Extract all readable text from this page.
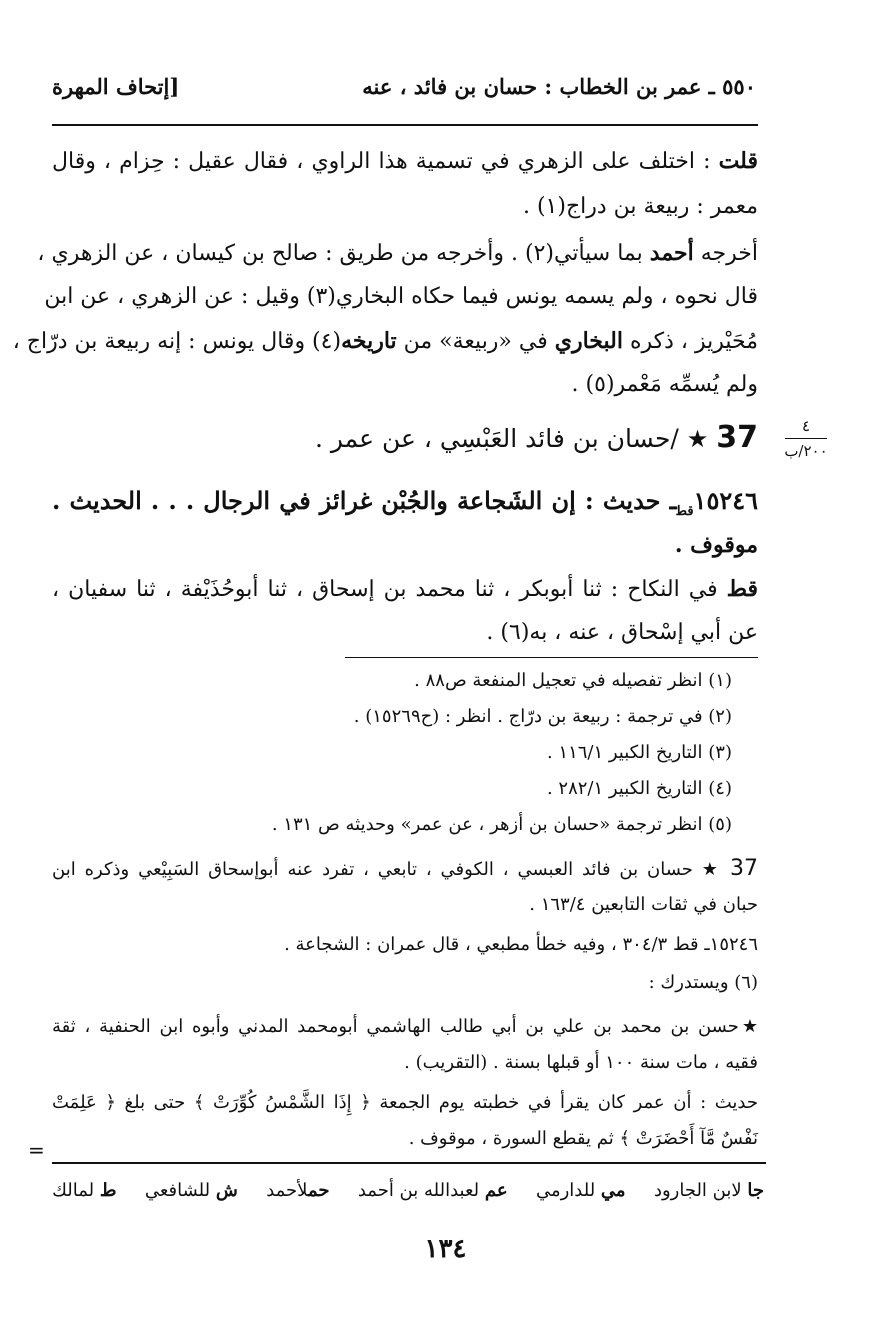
٥٥٠ ـ عمر بن الخطاب : حسان بن فائد ، عنه
[إتحاف المهرة
قلت : اختلف على الزهري في تسمية هذا الراوي ، فقال عقيل : حِزام ، وقال
معمر : ربيعة بن دراج(١) .
أخرجه أحمد بما سيأتي(٢) . وأخرجه من طريق : صالح بن كيسان ، عن الزهري ،
قال نحوه ، ولم يسمه يونس فيما حكاه البخاري(٣) وقيل : عن الزهري ، عن ابن
مُحَيْريز ، ذكره البخاري في «ربيعة» من تاريخه(٤) وقال يونس : إنه ربيعة بن درّاج ،
ولم يُسمِّه مَعْمر(٥) .
37 ★ /حسان بن فائد العَبْسِي ، عن عمر .	٤
٢٠٠/ب
$١٥٢٤٦_{قط}ـ$ حديث : إن الشَجاعة والجُبْن غرائز في الرجال . . . الحديث .
موقوف .
قط في النكاح : ثنا أبوبكر ، ثنا محمد بن إسحاق ، ثنا أبوحُذَيْفة ، ثنا سفيان ،
عن أبي إسْحاق ، عنه ، به(٦) .
(١) انظر تفصيله في تعجيل المنفعة ص٨٨ .
(٢) في ترجمة : ربيعة بن درّاج . انظر : (ح١٥٢٦٩) .
(٣) التاريخ الكبير ١١٦/١ .
(٤) التاريخ الكبير ٢٨٢/١ .
(٥) انظر ترجمة «حسان بن أزهر ، عن عمر» وحديثه ص ١٣١ .
37 ★ حسان بن فائد العبسي ، الكوفي ، تابعي ، تفرد عنه أبوإسحاق السَبِيْعي وذكره ابن
حبان في ثقات التابعين ١٦٣/٤ .
١٥٢٤٦ـ قط ٣٠٤/٣ ، وفيه خطأ مطبعي ، قال عمران : الشجاعة .
(٦) ويستدرك :
★حسن بن محمد بن علي بن أبي طالب الهاشمي أبومحمد المدني وأبوه ابن الحنفية ، ثقة
فقيه ، مات سنة ١٠٠ أو قبلها بسنة . (التقريب) .
حديث : أن عمر كان يقرأ في خطبته يوم الجمعة ﴿ إِذَا الشَّمْسُ كُوِّرَتْ ﴾ حتى بلغ ﴿ عَلِمَتْ
نَفْسٌ مَّآ أَحْضَرَتْ ﴾ ثم يقطع السورة ، موقوف .
=
ط لمالك	ش للشافعي	حملأحمد	عم لعبدالله بن أحمد	مي للدارمي	جا لابن الجارود
١٣٤
